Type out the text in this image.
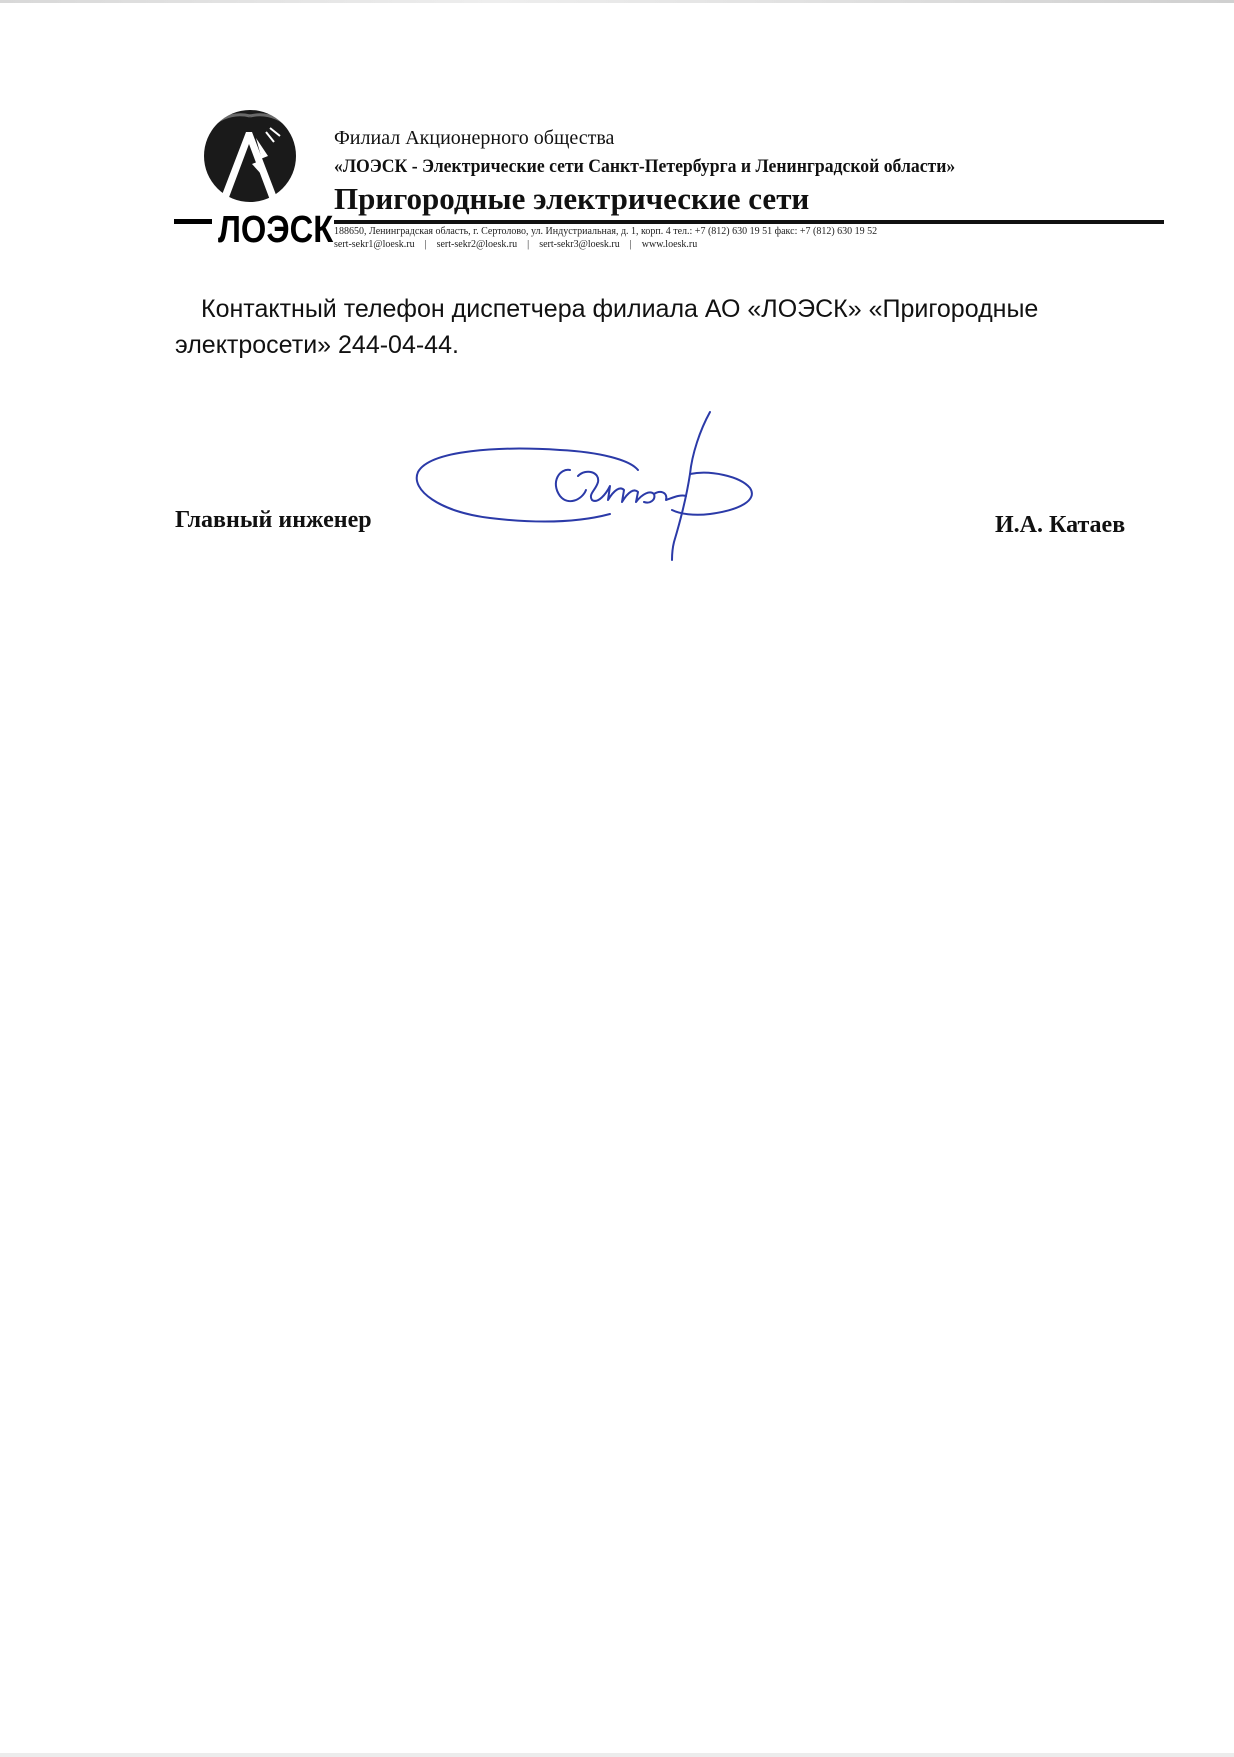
ЛОЭСК
Филиал Акционерного общества
«ЛОЭСК - Электрические сети Санкт-Петербурга и Ленинградской области»
Пригородные электрические сети
188650, Ленинградская область, г. Сертолово, ул. Индустриальная, д. 1, корп. 4 тел.: +7 (812) 630 19 51 факс: +7 (812) 630 19 52
sert-sekr1@loesk.ru | sert-sekr2@loesk.ru | sert-sekr3@loesk.ru | www.loesk.ru
Контактный телефон диспетчера филиала АО «ЛОЭСК» «Пригородные электросети» 244-04-44.
Главный инженер	И.А. Катаев
